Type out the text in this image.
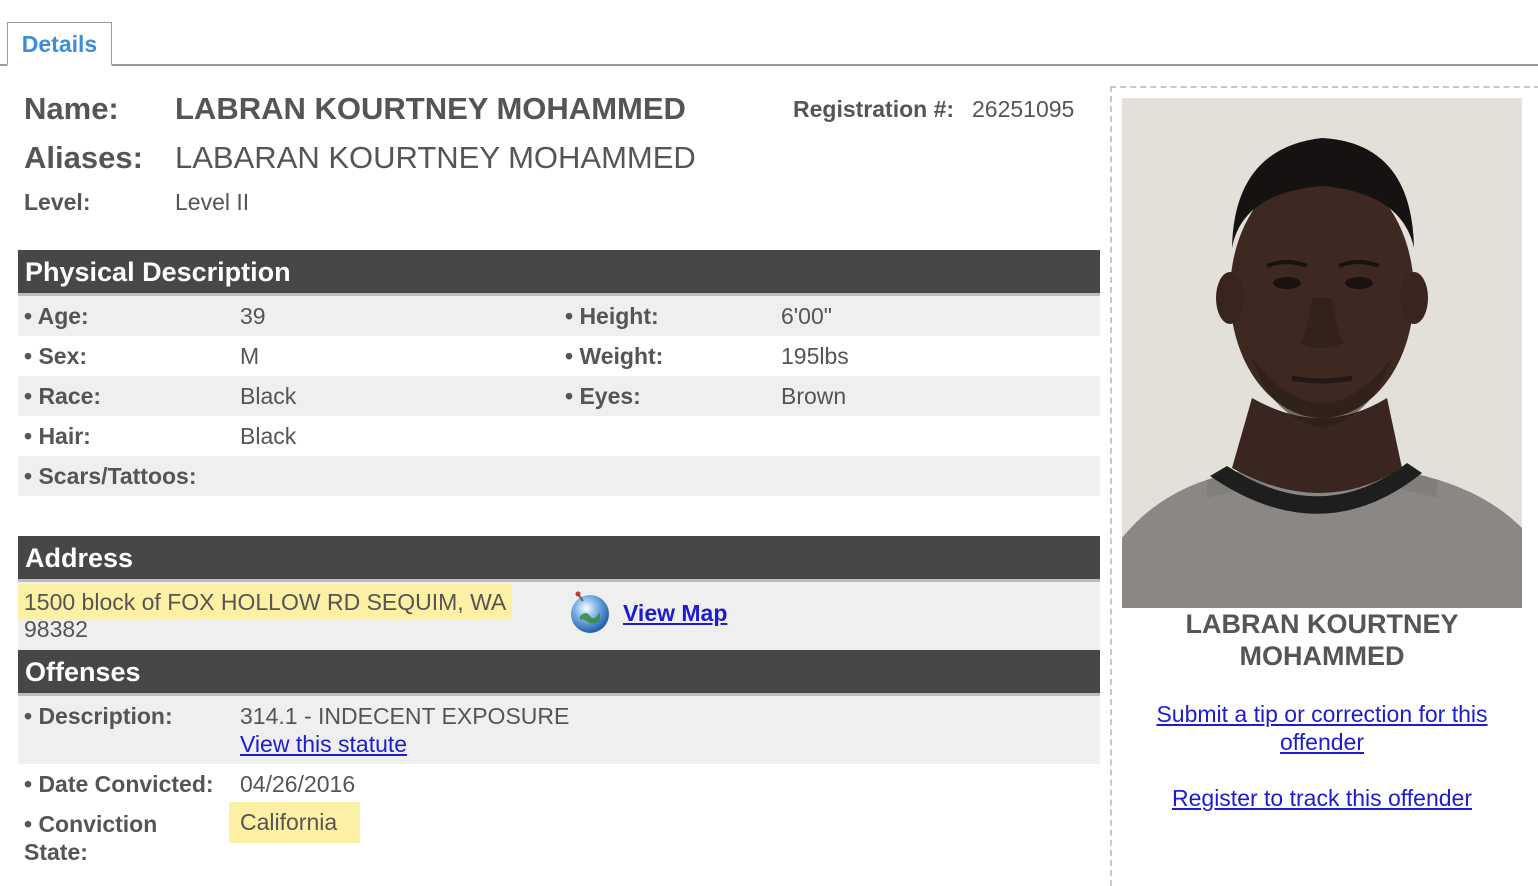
Details
Name: LABRAN KOURTNEY MOHAMMED	Registration #: 26251095
Aliases: LABARAN KOURTNEY MOHAMMED
Level:	Level II
Physical Description
• Age:	39	• Height:	6'00"
• Sex:	M	• Weight:	195lbs
• Race:	Black	• Eyes:	Brown
• Hair:	Black
• Scars/Tattoos:
Address
1500 block of FOX HOLLOW RD SEQUIM, WA
98382
View Map
Offenses
• Description:	314.1 - INDECENT EXPOSURE
View this statute
• Date Convicted: 04/26/2016
• Conviction
State:
California
LABRAN KOURTNEY
MOHAMMED
Submit a tip or correction for this
offender
Register to track this offender
